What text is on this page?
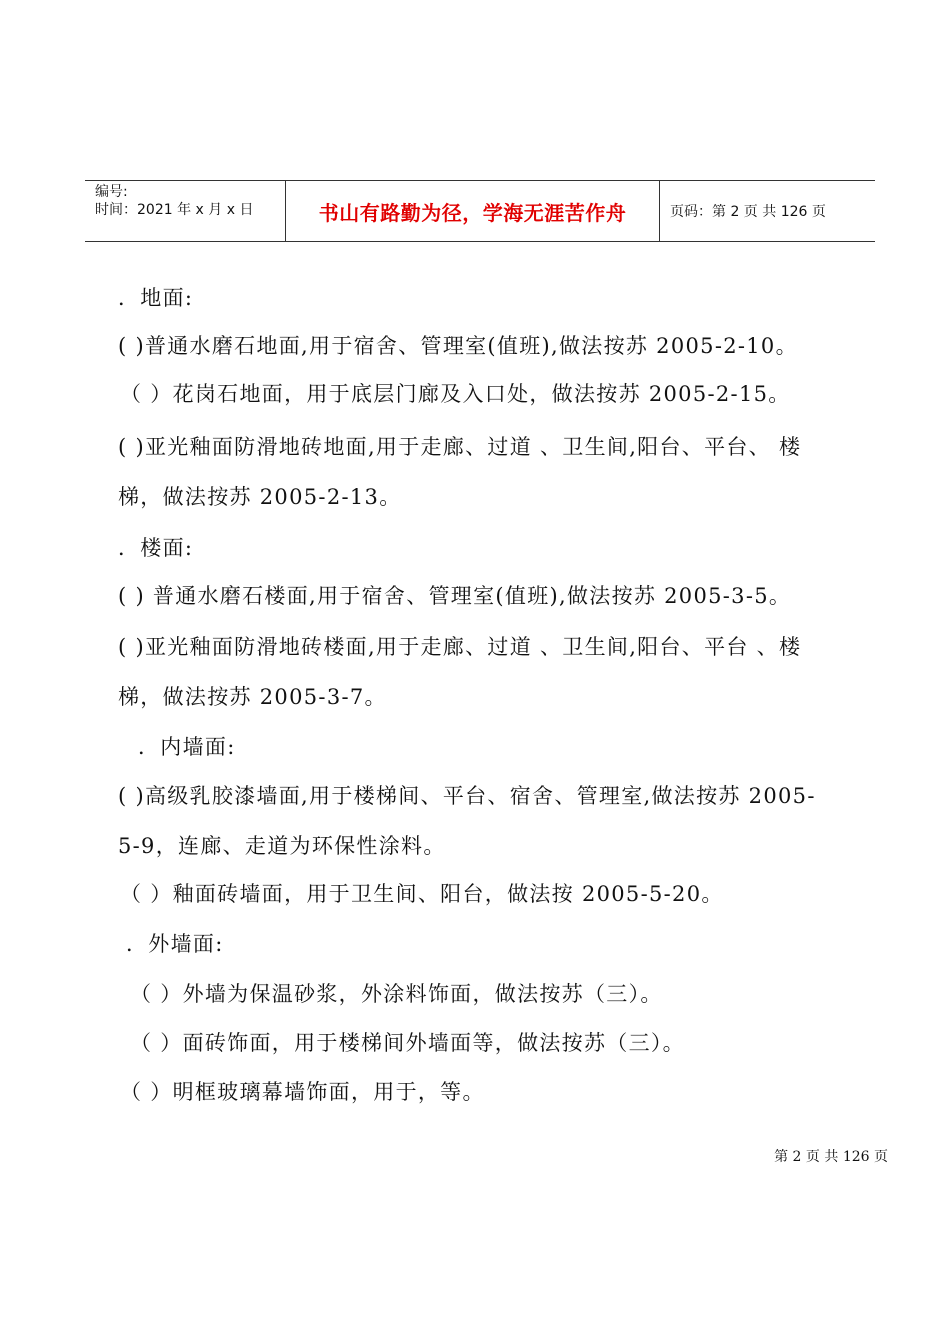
编号:
时间：2021 年 x 月 x 日	书山有路勤为径，学海无涯苦作舟	页码：第 2 页 共 126 页
．地面:
( )普通水磨石地面,用于宿舍、管理室(值班),做法按苏 2005-2-10。
（ ）花岗石地面，用于底层门廊及入口处，做法按苏 2005-2-15。
( )亚光釉面防滑地砖地面,用于走廊、过道 、卫生间,阳台、平台、 楼
梯，做法按苏 2005-2-13。
．楼面:
( ) 普通水磨石楼面,用于宿舍、管理室(值班),做法按苏 2005-3-5。
( )亚光釉面防滑地砖楼面,用于走廊、过道 、卫生间,阳台、平台 、楼
梯，做法按苏 2005-3-7。
．内墙面:
( )高级乳胶漆墙面,用于楼梯间、平台、宿舍、管理室,做法按苏 2005-
5-9，连廊、走道为环保性涂料。
（ ）釉面砖墙面，用于卫生间、阳台，做法按 2005-5-20。
．外墙面:
（ ）外墙为保温砂浆，外涂料饰面，做法按苏（三）。
（ ）面砖饰面，用于楼梯间外墙面等，做法按苏（三）。
（ ）明框玻璃幕墙饰面，用于，等。
第 2 页 共 126 页
